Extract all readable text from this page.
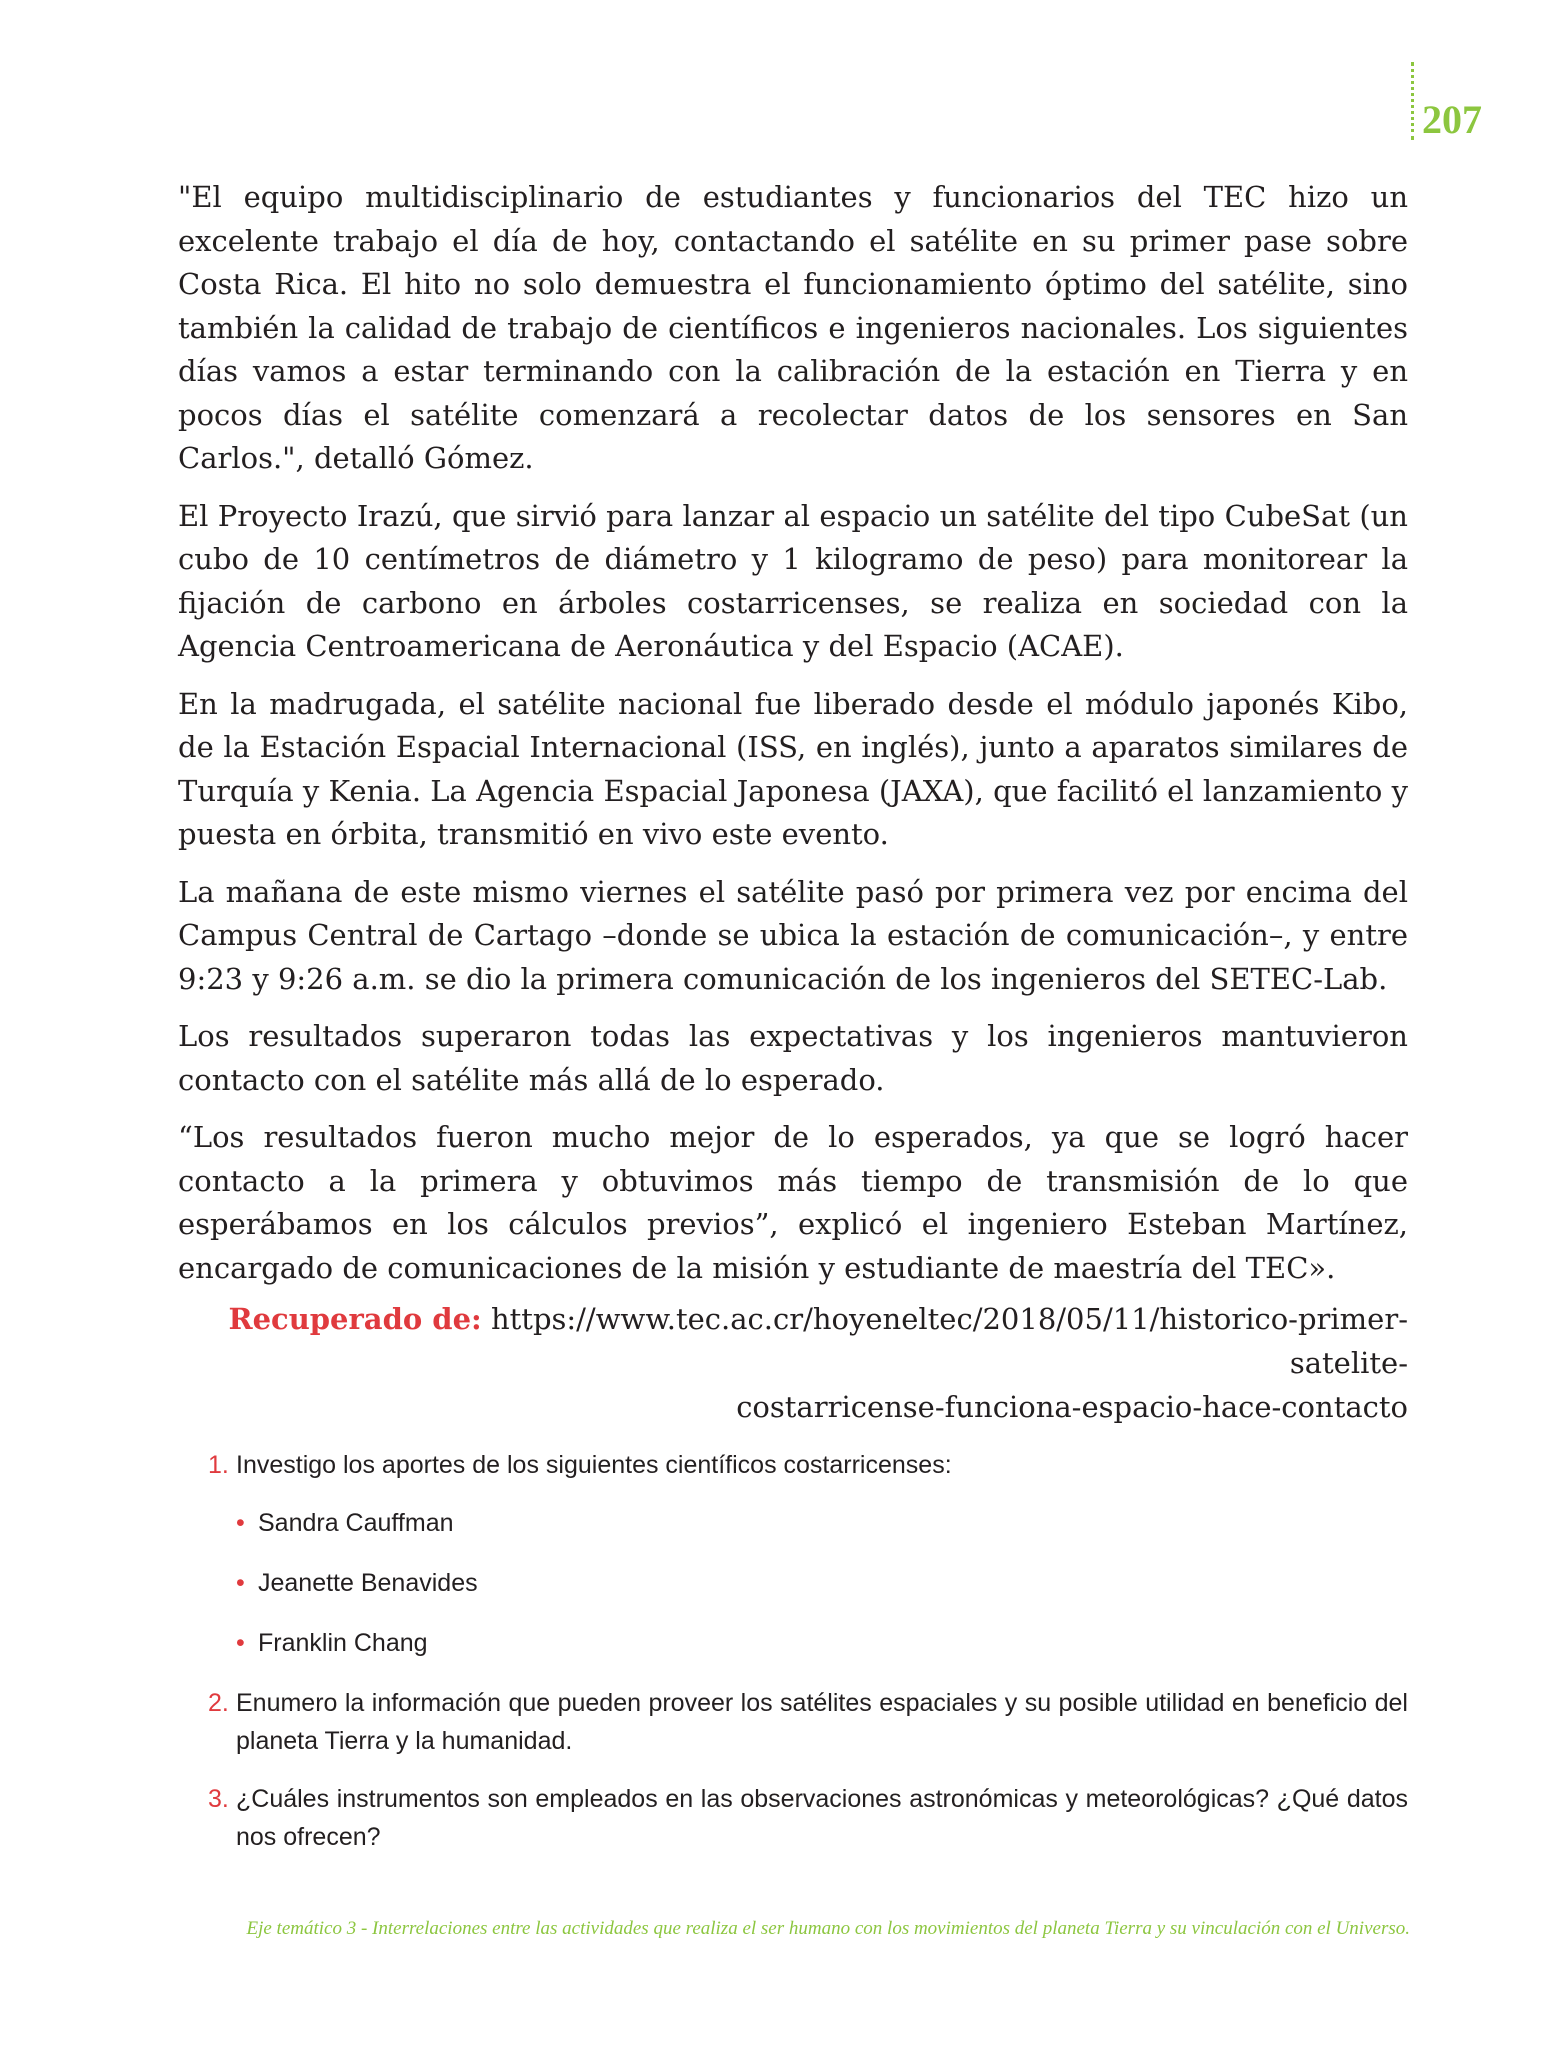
207

"El equipo multidisciplinario de estudiantes y funcionarios del TEC hizo un excelente trabajo el día de hoy, contactando el satélite en su primer pase sobre Costa Rica. El hito no solo demuestra el funcionamiento óptimo del satélite, sino también la calidad de trabajo de científicos e ingenieros nacionales. Los siguientes días vamos a estar terminando con la calibración de la estación en Tierra y en pocos días el satélite comenzará a recolectar datos de los sensores en San Carlos.", detalló Gómez.

El Proyecto Irazú, que sirvió para lanzar al espacio un satélite del tipo CubeSat (un cubo de 10 centímetros de diámetro y 1 kilogramo de peso) para monitorear la fijación de carbono en árboles costarricenses, se realiza en sociedad con la Agencia Centroamericana de Aeronáutica y del Espacio (ACAE).

En la madrugada, el satélite nacional fue liberado desde el módulo japonés Kibo, de la Estación Espacial Internacional (ISS, en inglés), junto a aparatos similares de Turquía y Kenia. La Agencia Espacial Japonesa (JAXA), que facilitó el lanzamiento y puesta en órbita, transmitió en vivo este evento.

La mañana de este mismo viernes el satélite pasó por primera vez por encima del Campus Central de Cartago –donde se ubica la estación de comunicación–, y entre 9:23 y 9:26 a.m. se dio la primera comunicación de los ingenieros del SETEC-Lab.

Los resultados superaron todas las expectativas y los ingenieros mantuvieron contacto con el satélite más allá de lo esperado.

“Los resultados fueron mucho mejor de lo esperados, ya que se logró hacer contacto a la primera y obtuvimos más tiempo de transmisión de lo que esperábamos en los cálculos previos”, explicó el ingeniero Esteban Martínez, encargado de comunicaciones de la misión y estudiante de maestría del TEC».

Recuperado de: https://www.tec.ac.cr/hoyeneltec/2018/05/11/historico-primer-satelite-
costarricense-funciona-espacio-hace-contacto
1. Investigo los aportes de los siguientes científicos costarricenses:
• Sandra Cauffman
• Jeanette Benavides
• Franklin Chang
2. Enumero la información que pueden proveer los satélites espaciales y su posible utilidad en beneficio del planeta Tierra y la humanidad.
3. ¿Cuáles instrumentos son empleados en las observaciones astronómicas y meteorológicas? ¿Qué datos nos ofrecen?
Eje temático 3 - Interrelaciones entre las actividades que realiza el ser humano con los movimientos del planeta Tierra y su vinculación con el Universo.
